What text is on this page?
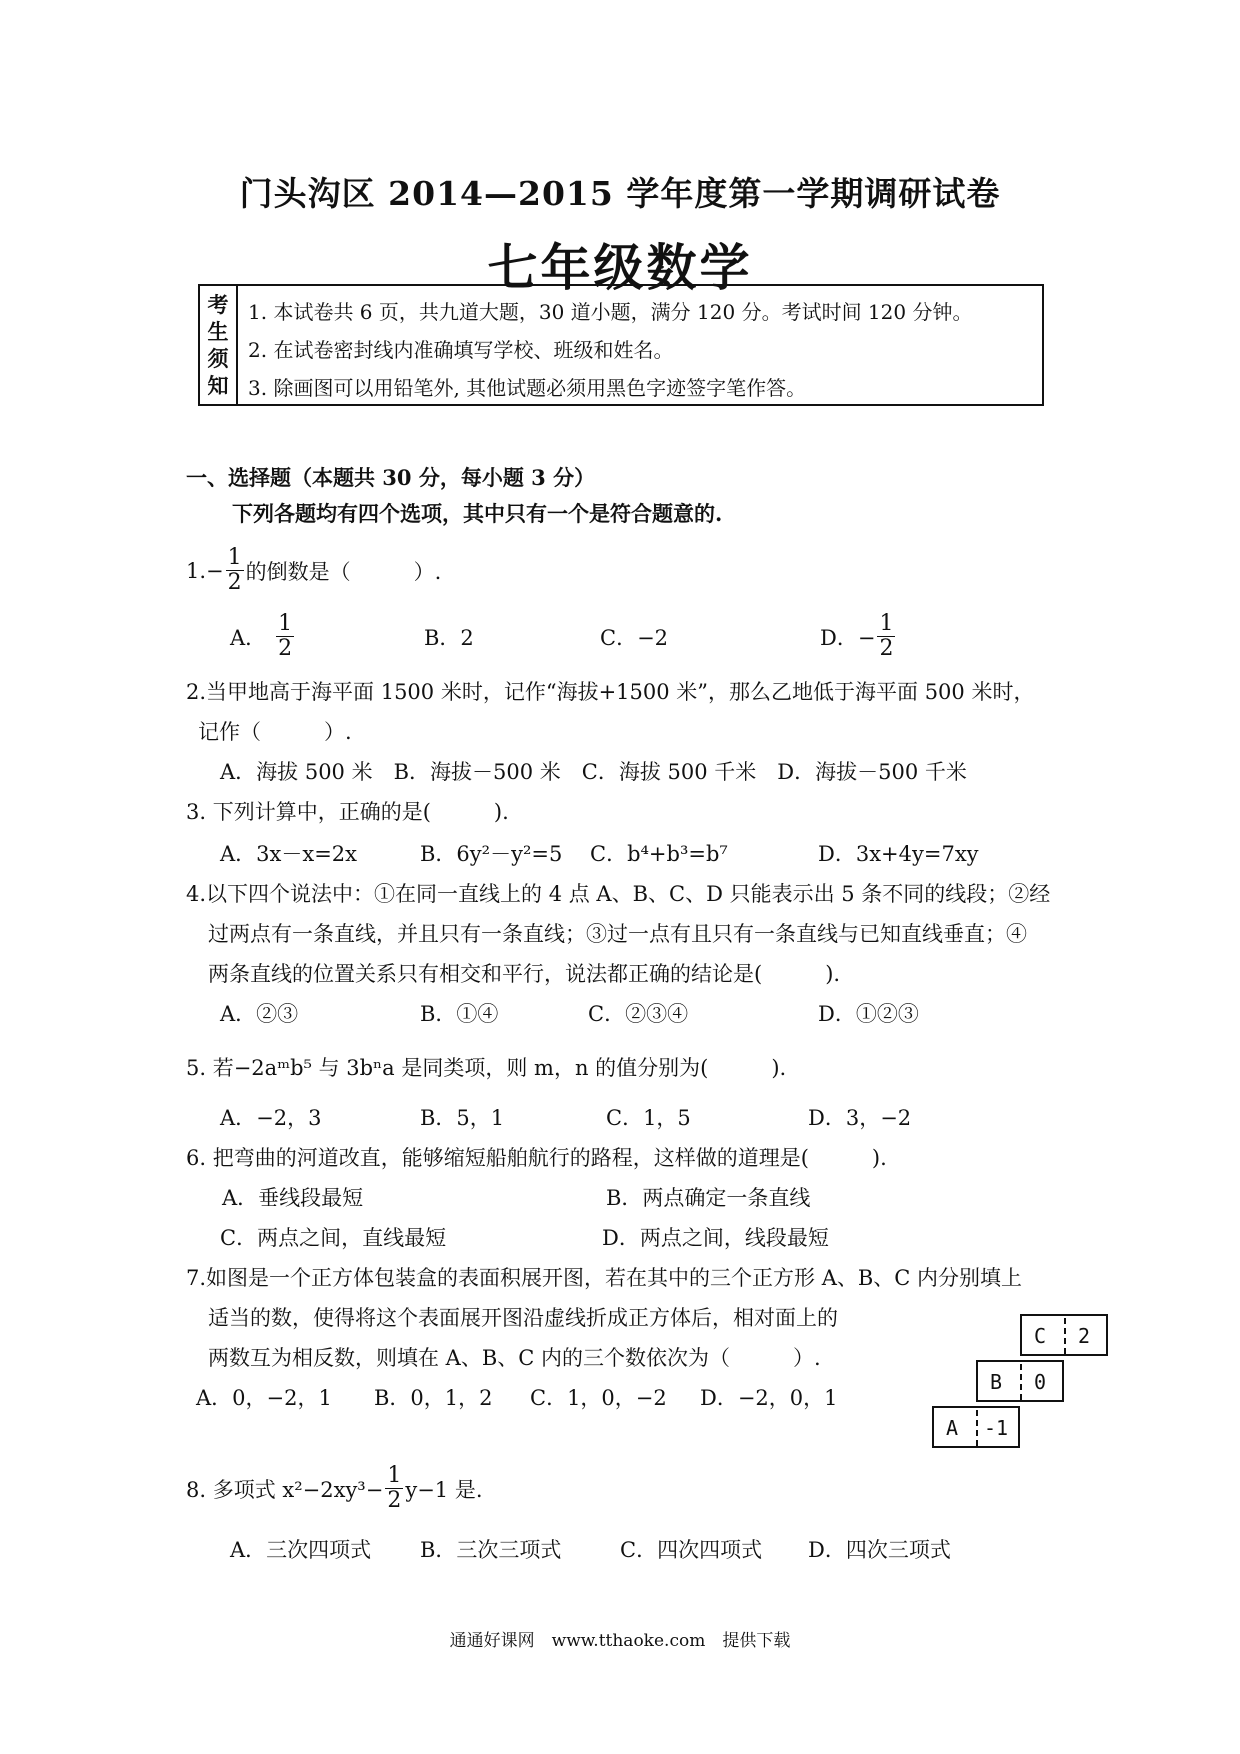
门头沟区 2014—2015 学年度第一学期调研试卷
七年级数学
考
生
须
知
1. 本试卷共 6 页，共九道大题，30 道小题，满分 120 分。考试时间 120 分钟。
2. 在试卷密封线内准确填写学校、班级和姓名。
3. 除画图可以用铅笔外, 其他试题必须用黑色字迹签字笔作答。
一、选择题（本题共 30 分，每小题 3 分）
下列各题均有四个选项，其中只有一个是符合题意的.
$1.- \frac{1}{2}$ 的倒数是（　　　）.
A． $\frac{1}{2}$	B．2	C．−2	D．− $\frac{1}{2}$
2.当甲地高于海平面 1500 米时，记作“海拔+1500 米”，那么乙地低于海平面 500 米时，
记作（　　　）.
A．海拔 500 米　B．海拔－500 米　C．海拔 500 千米　D．海拔－500 千米
3. 下列计算中，正确的是(　　　).
A．3x－x=2x	B．6y²－y²=5 C．b⁴+b³=b⁷	D．3x+4y=7xy
4.以下四个说法中：①在同一直线上的 4 点 A、B、C、D 只能表示出 5 条不同的线段；②经
过两点有一条直线，并且只有一条直线；③过一点有且只有一条直线与已知直线垂直；④
两条直线的位置关系只有相交和平行，说法都正确的结论是(　　　).
A．②③	B．①④	C．②③④	D．①②③
5. 若−2aᵐb⁵ 与 3bⁿa 是同类项，则 m，n 的值分别为(　　　).
A．−2，3	B．5，1	C．1，5	D．3，−2
6. 把弯曲的河道改直，能够缩短船舶航行的路程，这样做的道理是(　　　).
A．垂线段最短	B．两点确定一条直线
C．两点之间，直线最短	D．两点之间，线段最短
7.如图是一个正方体包装盒的表面积展开图，若在其中的三个正方形 A、B、C 内分别填上
适当的数，使得将这个表面展开图沿虚线折成正方体后，相对面上的
两数互为相反数，则填在 A、B、C 内的三个数依次为（　　　）.
A．0，−2，1 B．0，1，2 C．1，0，−2 D．−2，0，1
C 2
B 0
A -1
8. 多项式 $x^2-2xy^3- \frac{1}{2} y-1$ 是.
A．三次四项式 B．三次三项式	C．四次四项式 D．四次三项式
通通好课网　www.tthaoke.com　提供下载
